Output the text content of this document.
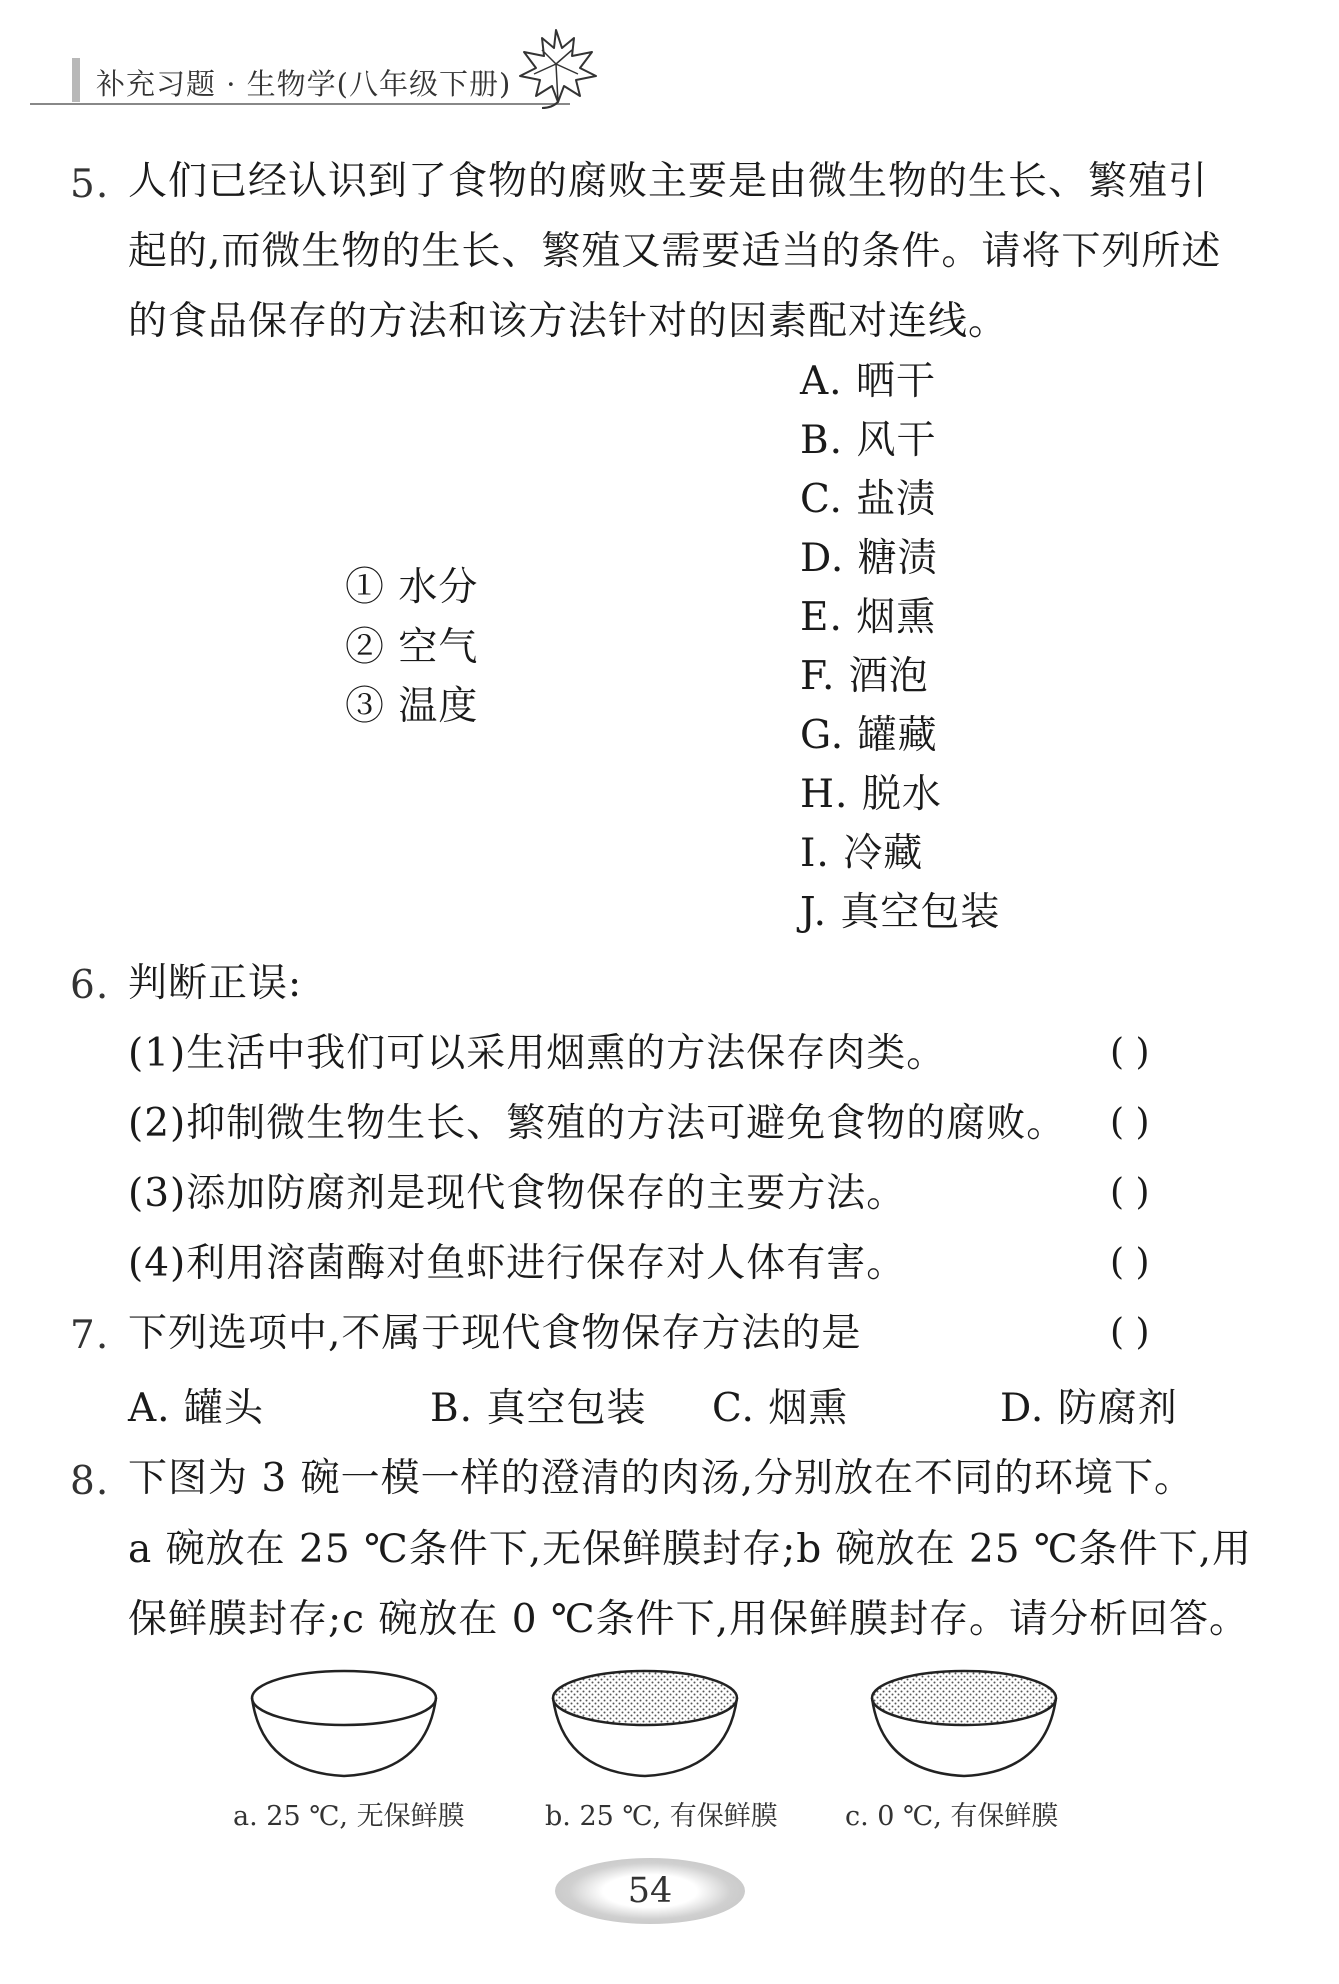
补充习题 · 生物学(八年级下册)
5. 人们已经认识到了食物的腐败主要是由微生物的生长、繁殖引
起的,而微生物的生长、繁殖又需要适当的条件。请将下列所述
的食品保存的方法和该方法针对的因素配对连线。
① 水分
② 空气
③ 温度
A. 晒干
B. 风干
C. 盐渍
D. 糖渍
E. 烟熏
F. 酒泡
G. 罐藏
H. 脱水
I. 冷藏
J. 真空包装
6. 判断正误:
(1)生活中我们可以采用烟熏的方法保存肉类。	( )
(2)抑制微生物生长、繁殖的方法可避免食物的腐败。 ( )
(3)添加防腐剂是现代食物保存的主要方法。	( )
(4)利用溶菌酶对鱼虾进行保存对人体有害。	( )
7. 下列选项中,不属于现代食物保存方法的是	( )
A. 罐头	B. 真空包装 C. 烟熏	D. 防腐剂
8. 下图为 3 碗一模一样的澄清的肉汤,分别放在不同的环境下。
a 碗放在 25 ℃条件下,无保鲜膜封存;b 碗放在 25 ℃条件下,用
保鲜膜封存;c 碗放在 0 ℃条件下,用保鲜膜封存。请分析回答。
a. 25 ℃, 无保鲜膜	b. 25 ℃, 有保鲜膜 c. 0 ℃, 有保鲜膜
54
